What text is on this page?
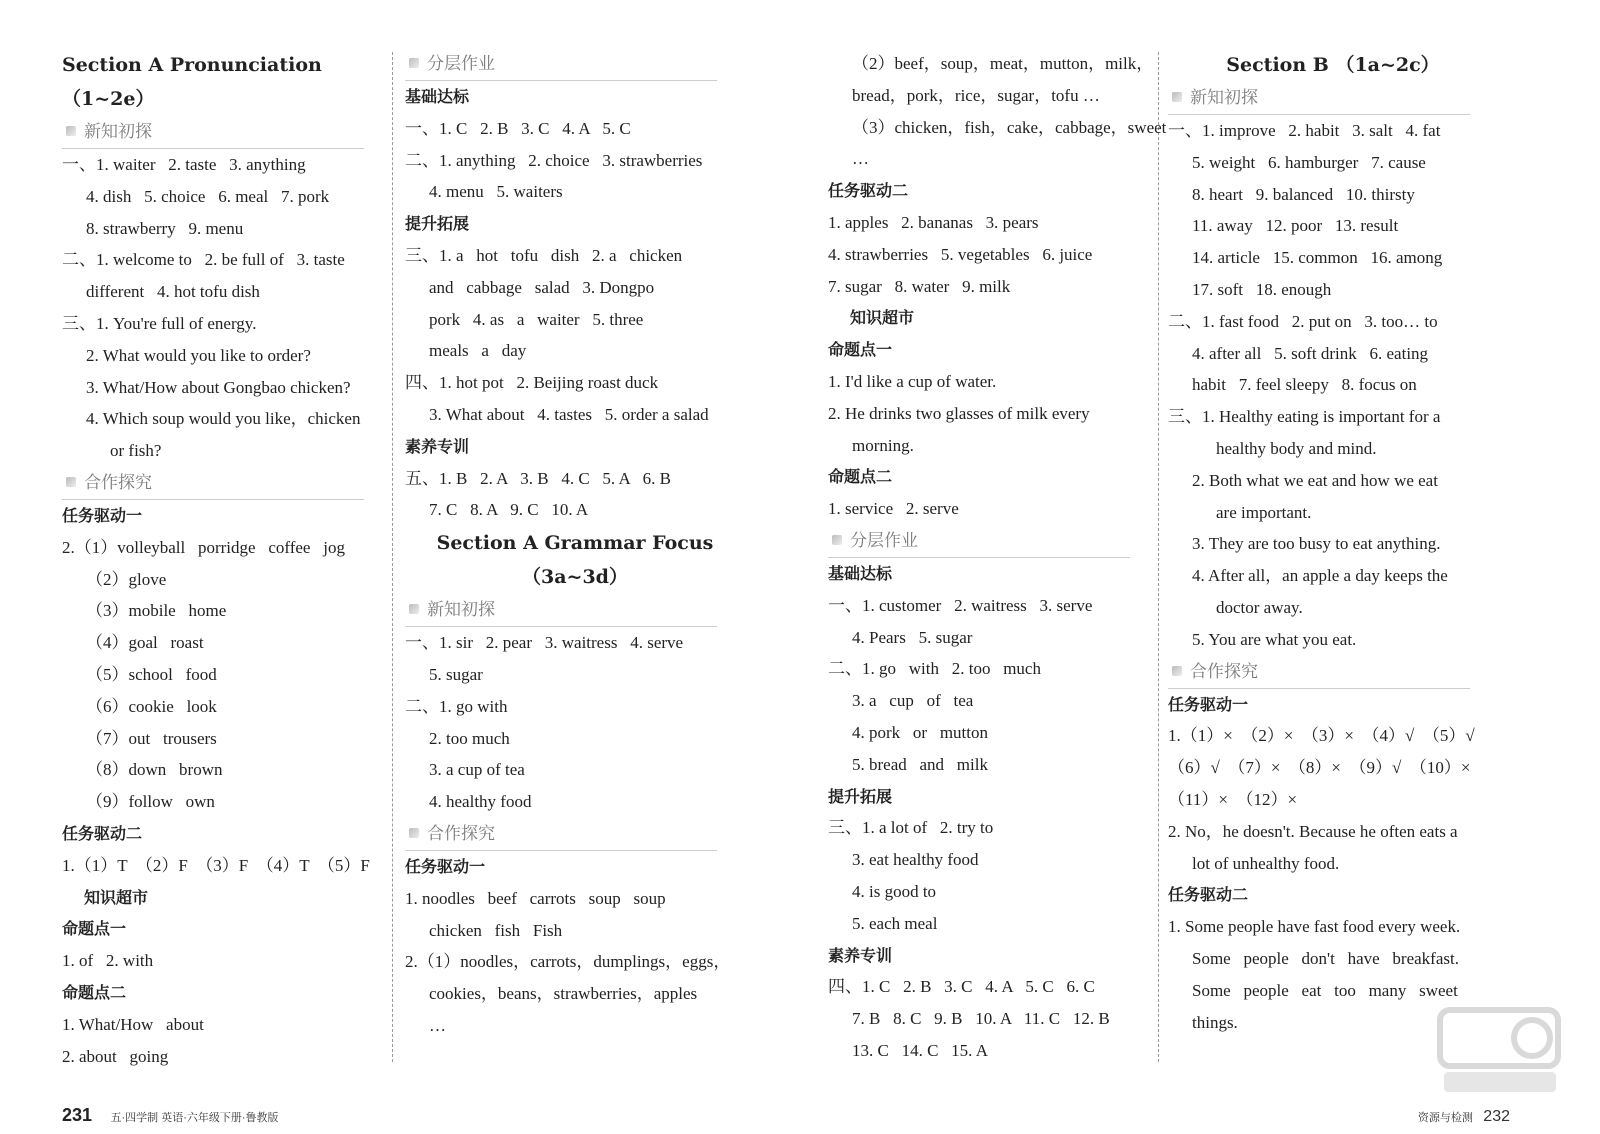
Section A Pronunciation （1~2e）
新知初探
一、1. waiter   2. taste   3. anything
4. dish   5. choice   6. meal   7. pork
8. strawberry   9. menu
二、1. welcome to   2. be full of   3. taste
different   4. hot tofu dish
三、1. You're full of energy.
2. What would you like to order?
3. What/How about Gongbao chicken?
4. Which soup would you like，chicken
or fish?
合作探究
任务驱动一
2.（1）volleyball   porridge   coffee   jog
（2）glove
（3）mobile   home
（4）goal   roast
（5）school   food
（6）cookie   look
（7）out   trousers
（8）down   brown
（9）follow   own
任务驱动二
1.（1）T  （2）F  （3）F  （4）T  （5）F
知识超市
命题点一
1. of   2. with
命题点二
1. What/How   about
2. about   going
分层作业
基础达标
一、1. C   2. B   3. C   4. A   5. C
二、1. anything   2. choice   3. strawberries
4. menu   5. waiters
提升拓展
三、1. a   hot   tofu   dish   2. a   chicken
and   cabbage   salad   3. Dongpo
pork   4. as   a   waiter   5. three
meals   a   day
四、1. hot pot   2. Beijing roast duck
3. What about   4. tastes   5. order a salad
素养专训
五、1. B   2. A   3. B   4. C   5. A   6. B
7. C   8. A   9. C   10. A
Section A Grammar Focus
（3a~3d）
新知初探
一、1. sir   2. pear   3. waitress   4. serve
5. sugar
二、1. go with
2. too much
3. a cup of tea
4. healthy food
合作探究
任务驱动一
1. noodles   beef   carrots   soup   soup
chicken   fish   Fish
2.（1）noodles，carrots，dumplings，eggs，
cookies，beans，strawberries，apples
…
（2）beef，soup，meat，mutton，milk，
bread，pork，rice，sugar，tofu …
（3）chicken，fish，cake，cabbage，sweet
…
任务驱动二
1. apples   2. bananas   3. pears
4. strawberries   5. vegetables   6. juice
7. sugar   8. water   9. milk
知识超市
命题点一
1. I'd like a cup of water.
2. He drinks two glasses of milk every
morning.
命题点二
1. service   2. serve
分层作业
基础达标
一、1. customer   2. waitress   3. serve
4. Pears   5. sugar
二、1. go   with   2. too   much
3. a   cup   of   tea
4. pork   or   mutton
5. bread   and   milk
提升拓展
三、1. a lot of   2. try to
3. eat healthy food
4. is good to
5. each meal
素养专训
四、1. C   2. B   3. C   4. A   5. C   6. C
7. B   8. C   9. B   10. A   11. C   12. B
13. C   14. C   15. A
Section B （1a~2c）
新知初探
一、1. improve   2. habit   3. salt   4. fat
5. weight   6. hamburger   7. cause
8. heart   9. balanced   10. thirsty
11. away   12. poor   13. result
14. article   15. common   16. among
17. soft   18. enough
二、1. fast food   2. put on   3. too… to
4. after all   5. soft drink   6. eating
habit   7. feel sleepy   8. focus on
三、1. Healthy eating is important for a
healthy body and mind.
2. Both what we eat and how we eat
are important.
3. They are too busy to eat anything.
4. After all，an apple a day keeps the
doctor away.
5. You are what you eat.
合作探究
任务驱动一
1.（1）×  （2）×  （3）×  （4）√  （5）√
（6）√  （7）×  （8）×  （9）√  （10）×
（11）×  （12）×
2. No，he doesn't. Because he often eats a
lot of unhealthy food.
任务驱动二
1. Some people have fast food every week.
Some   people   don't   have   breakfast.
Some   people   eat   too   many   sweet
things.
231 五·四学制 英语·六年级下册·鲁教版	资源与检测 232
